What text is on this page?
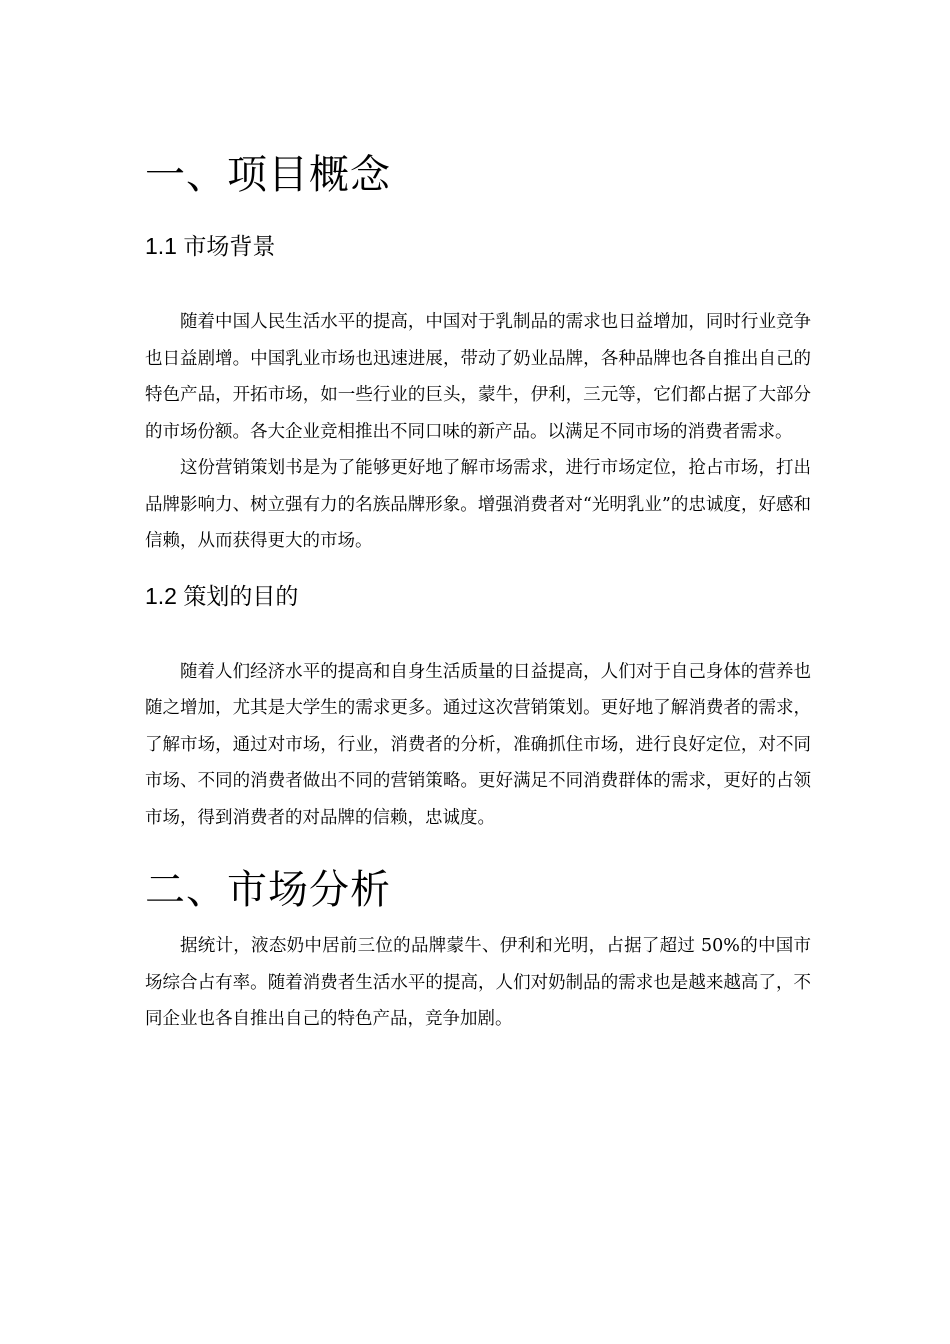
一、项目概念
1.1 市场背景

随着中国人民生活水平的提高，中国对于乳制品的需求也日益增加，同时行业竞争也日益剧增。中国乳业市场也迅速进展，带动了奶业品牌，各种品牌也各自推出自己的特色产品，开拓市场，如一些行业的巨头，蒙牛，伊利，三元等，它们都占据了大部分的市场份额。各大企业竞相推出不同口味的新产品。以满足不同市场的消费者需求。

这份营销策划书是为了能够更好地了解市场需求，进行市场定位，抢占市场，打出品牌影响力、树立强有力的名族品牌形象。增强消费者对“光明乳业”的忠诚度，好感和信赖，从而获得更大的市场。

1.2 策划的目的

随着人们经济水平的提高和自身生活质量的日益提高，人们对于自己身体的营养也随之增加，尤其是大学生的需求更多。通过这次营销策划。更好地了解消费者的需求，了解市场，通过对市场，行业，消费者的分析，准确抓住市场，进行良好定位，对不同市场、不同的消费者做出不同的营销策略。更好满足不同消费群体的需求，更好的占领市场，得到消费者的对品牌的信赖，忠诚度。

二、市场分析

据统计，液态奶中居前三位的品牌蒙牛、伊利和光明，占据了超过 50%的中国市场综合占有率。随着消费者生活水平的提高，人们对奶制品的需求也是越来越高了，不同企业也各自推出自己的特色产品，竞争加剧。
